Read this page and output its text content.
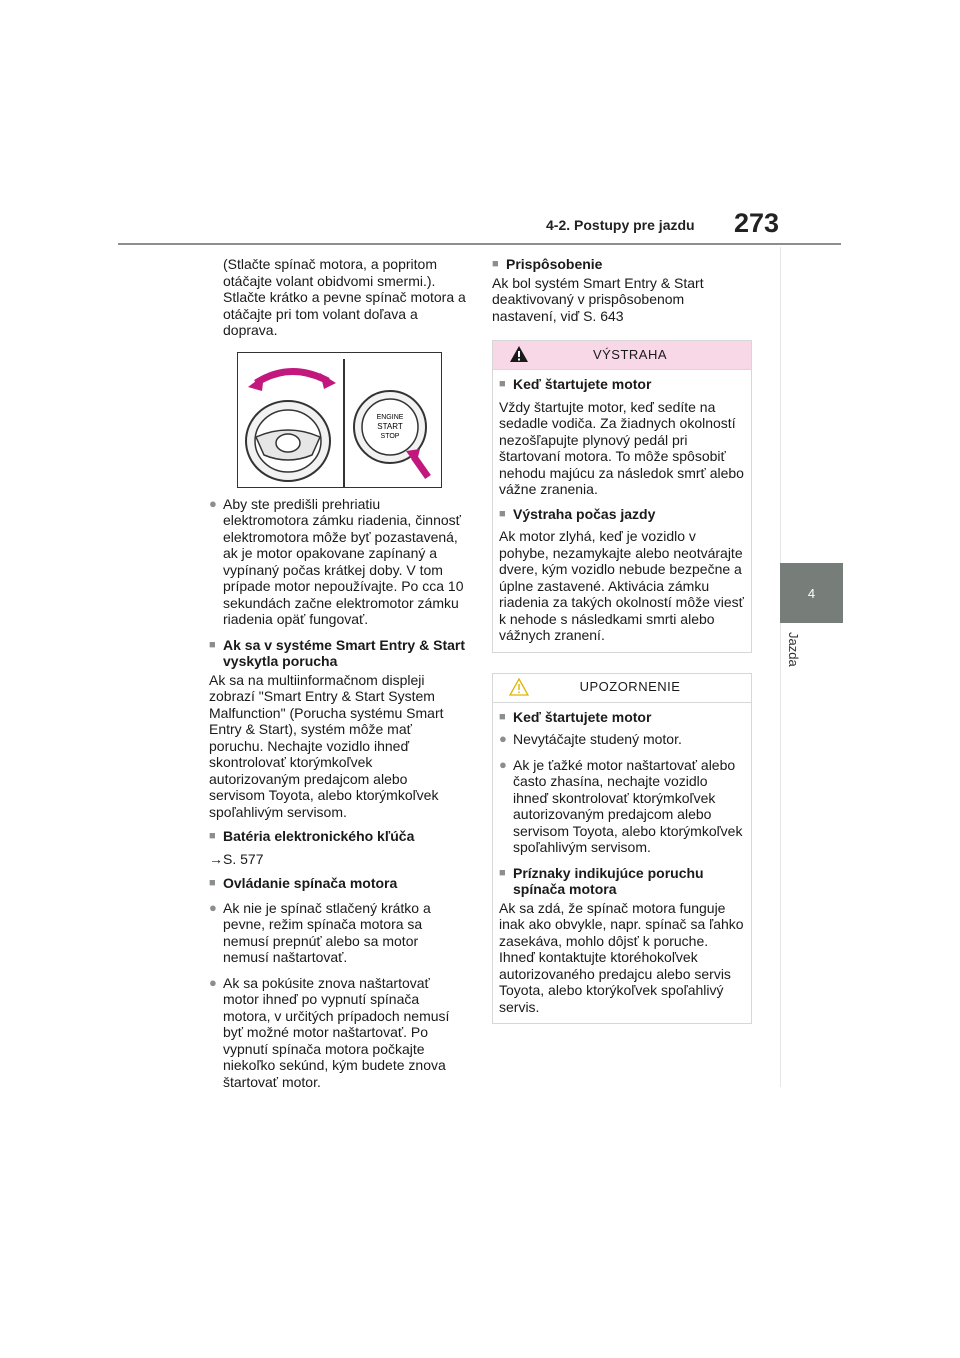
4-2. Postupy pre jazdu 273
4
Jazda

(Stlačte spínač motora, a popritom otáčajte volant obidvomi smermi.). Stlačte krátko a pevne spínač motora a otáčajte pri tom volant doľava a doprava.

ENGINE
START
STOP
● Aby ste predišli prehriatiu elektromotora zámku riadenia, činnosť elektromotora môže byť pozastavená, ak je motor opakovane zapínaný a vypínaný počas krátkej doby. V tom prípade motor nepoužívajte. Po cca 10 sekundách začne elektromotor zámku riadenia opäť fungovať.
■ Ak sa v systéme Smart Entry & Start vyskytla porucha

Ak sa na multiinformačnom displeji zobrazí "Smart Entry & Start System Malfunction" (Porucha systému Smart Entry & Start), systém môže mať poruchu. Nechajte vozidlo ihneď skontrolovať ktorýmkoľvek autorizovaným predajcom alebo servisom Toyota, alebo ktorýmkoľvek spoľahlivým servisom.

■ Batéria elektronického kľúča

→S. 577

■ Ovládanie spínača motora
● Ak nie je spínač stlačený krátko a pevne, režim spínača motora sa nemusí prepnúť alebo sa motor nemusí naštartovať.
● Ak sa pokúsite znova naštartovať motor ihneď po vypnutí spínača motora, v určitých prípadoch nemusí byť možné motor naštartovať. Po vypnutí spínača motora počkajte niekoľko sekúnd, kým budete znova štartovať motor.
■ Prispôsobenie

Ak bol systém Smart Entry & Start deaktivovaný v prispôsobenom nastavení, viď S. 643

VÝSTRAHA
■ Keď štartujete motor

Vždy štartujte motor, keď sedíte na sedadle vodiča. Za žiadnych okolností nezošľapujte plynový pedál pri štartovaní motora. To môže spôsobiť nehodu majúcu za následok smrť alebo vážne zranenia.

■ Výstraha počas jazdy

Ak motor zlyhá, keď je vozidlo v pohybe, nezamykajte alebo neotvárajte dvere, kým vozidlo nebude bezpečne a úplne zastavené. Aktivácia zámku riadenia za takých okolností môže viesť k nehode s následkami smrti alebo vážnych zranení.

UPOZORNENIE
■ Keď štartujete motor
● Nevytáčajte studený motor.
● Ak je ťažké motor naštartovať alebo často zhasína, nechajte vozidlo ihneď skontrolovať ktorýmkoľvek autorizovaným predajcom alebo servisom Toyota, alebo ktorýmkoľvek spoľahlivým servisom.
■ Príznaky indikujúce poruchu spínača motora

Ak sa zdá, že spínač motora funguje inak ako obvykle, napr. spínač sa ľahko zasekáva, mohlo dôjsť k poruche. Ihneď kontaktujte ktoréhokoľvek autorizovaného predajcu alebo servis Toyota, alebo ktorýkoľvek spoľahlivý servis.
